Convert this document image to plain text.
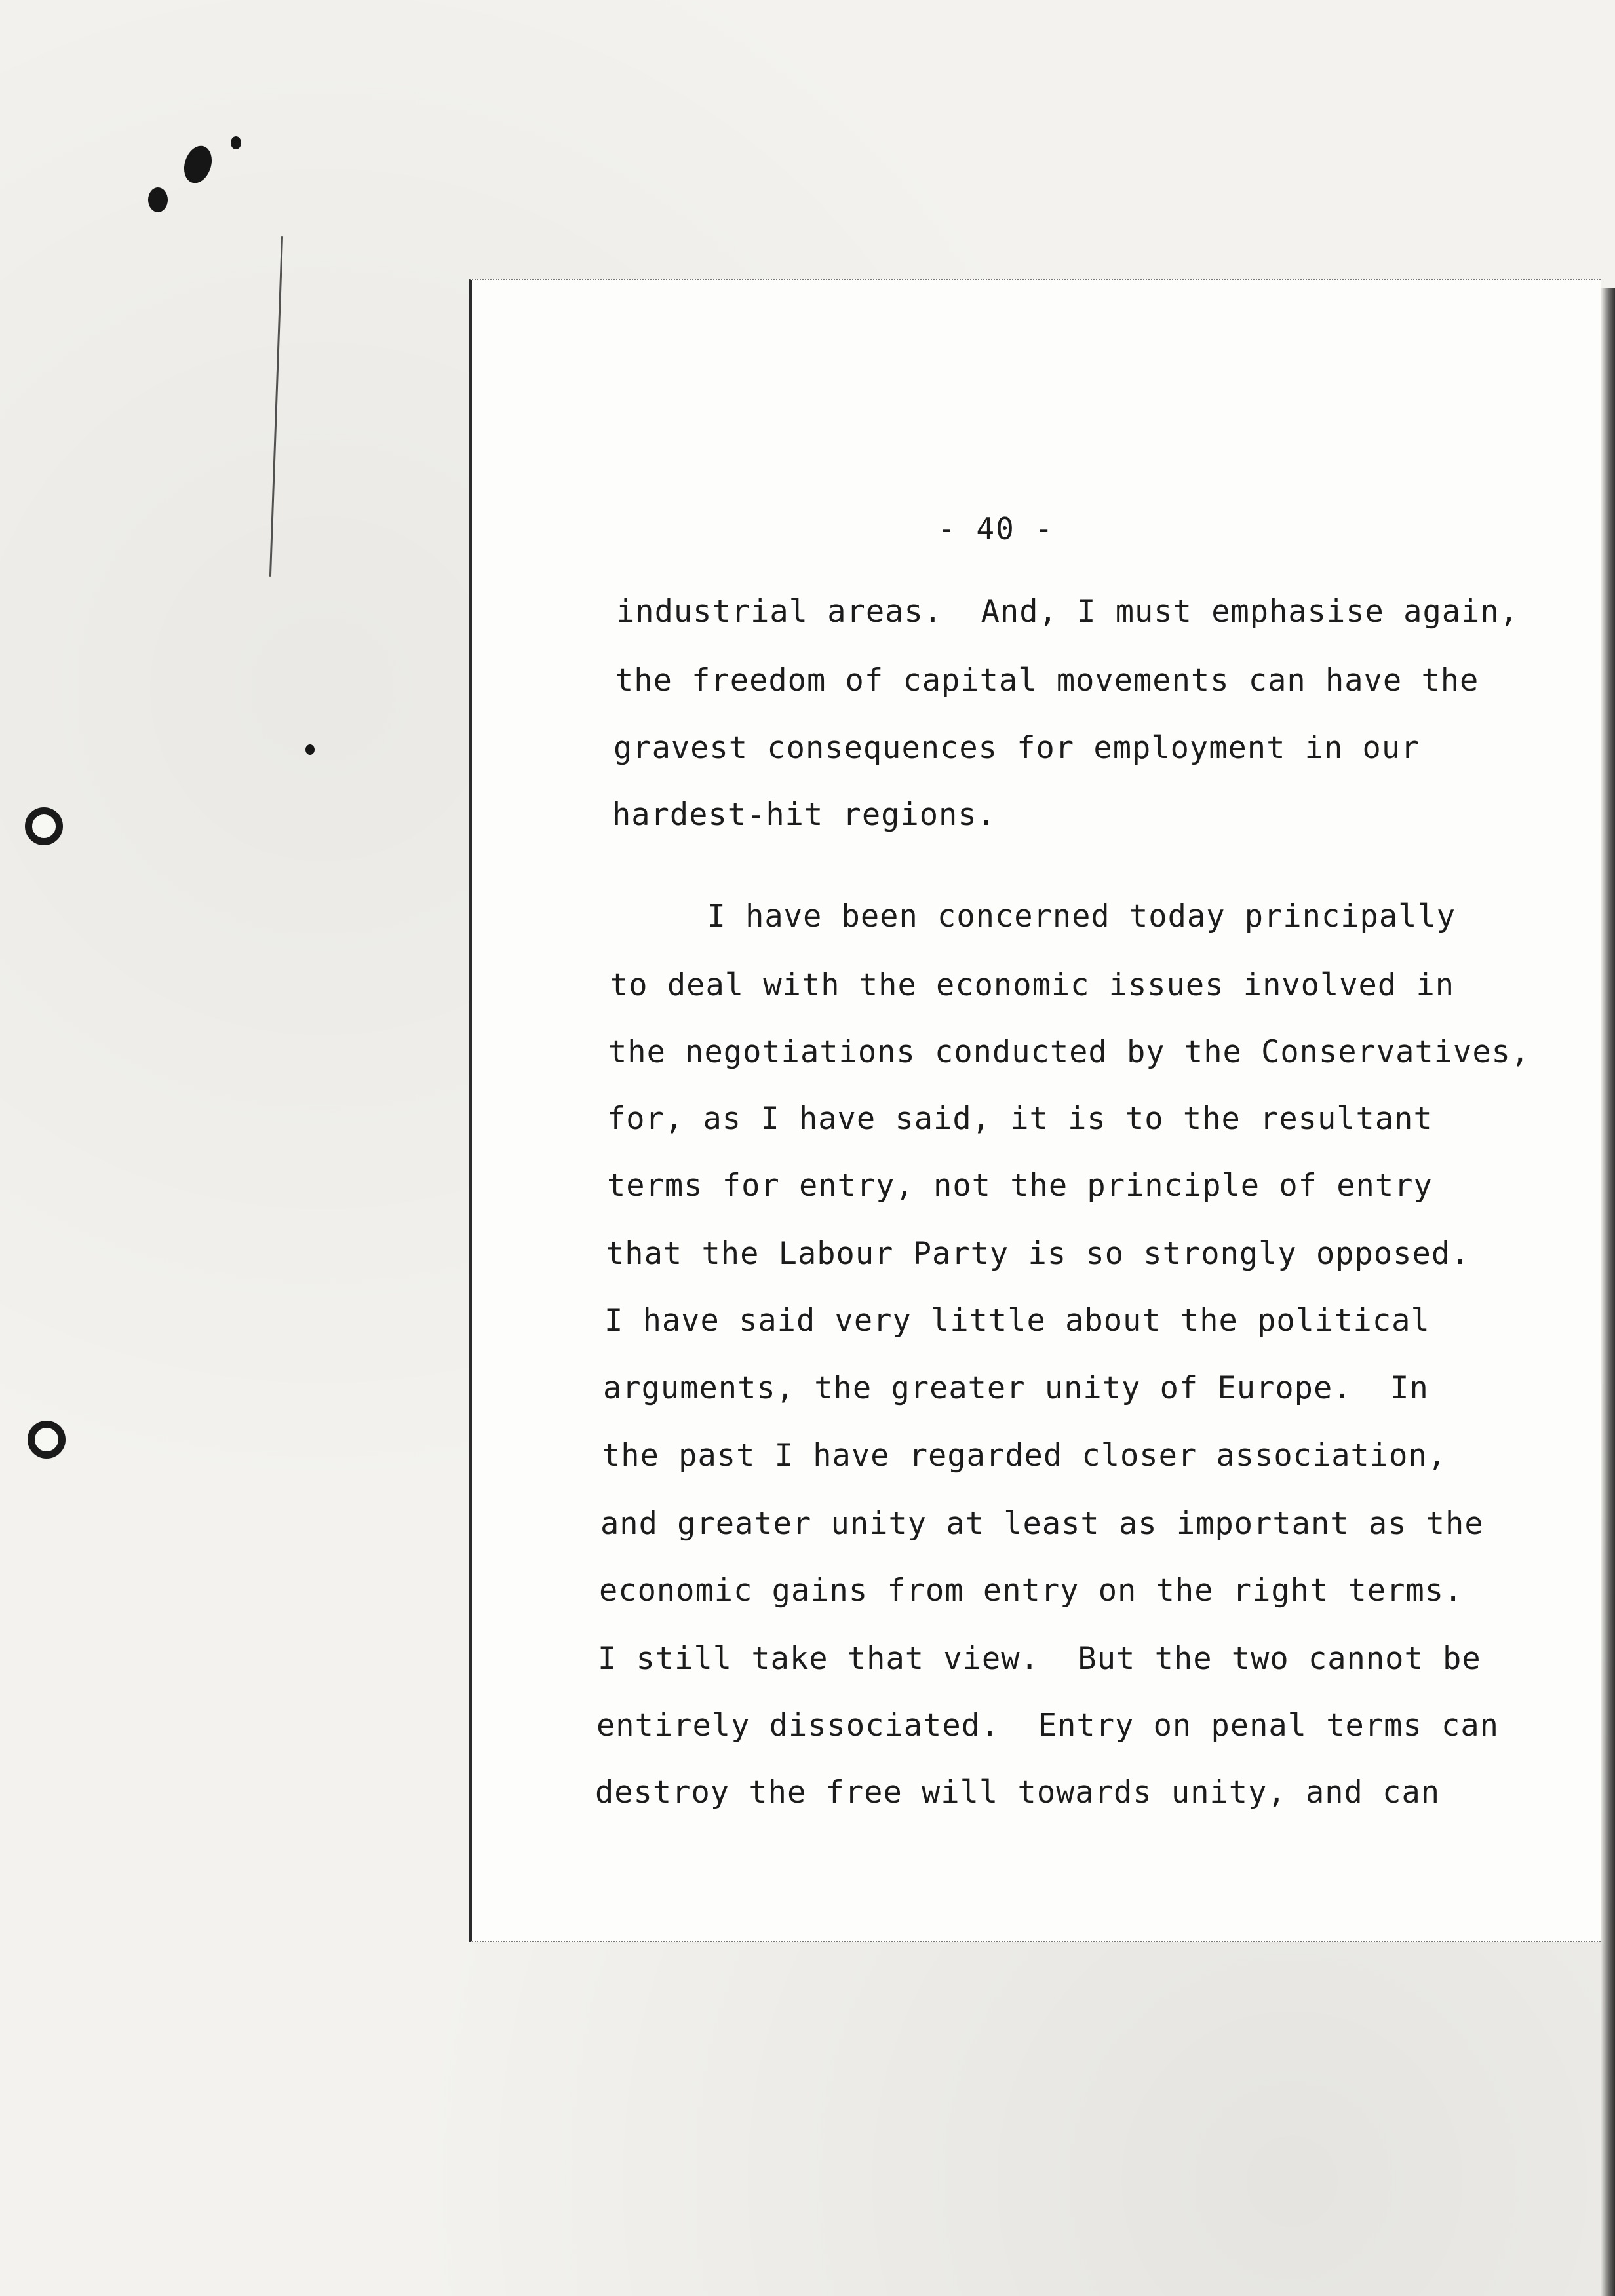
- 40 -
industrial areas.  And, I must emphasise again,
the freedom of capital movements can have the
gravest consequences for employment in our
hardest-hit regions.
I have been concerned today principally
to deal with the economic issues involved in
the negotiations conducted by the Conservatives,
for, as I have said, it is to the resultant
terms for entry, not the principle of entry
that the Labour Party is so strongly opposed.
I have said very little about the political
arguments, the greater unity of Europe.  In
the past I have regarded closer association,
and greater unity at least as important as the
economic gains from entry on the right terms.
I still take that view.  But the two cannot be
entirely dissociated.  Entry on penal terms can
destroy the free will towards unity, and can
